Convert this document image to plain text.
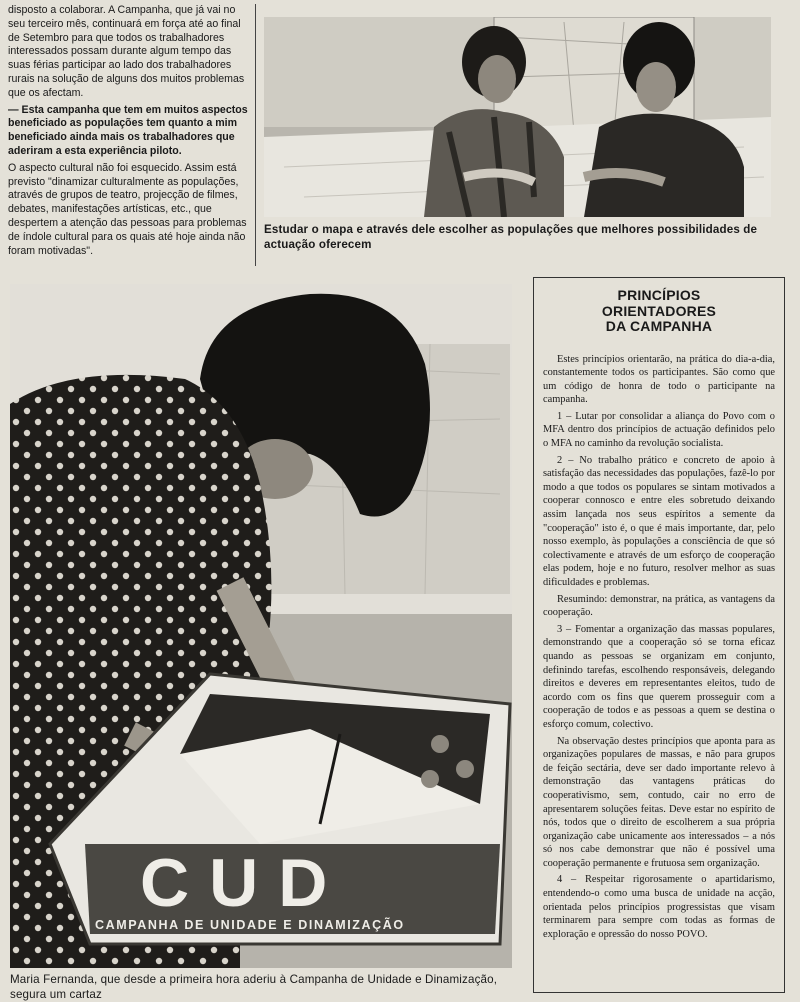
disposto a colaborar. A Campanha, que já vai no seu terceiro mês, continuará em força até ao final de Setembro para que todos os trabalhadores interessados possam durante algum tempo das suas férias participar ao lado dos trabalhadores rurais na solução de alguns dos muitos problemas que os afectam.

— Esta campanha que tem em muitos aspectos beneficiado as populações tem quanto a mim beneficiado ainda mais os trabalhadores que aderiram a esta experiência piloto.

O aspecto cultural não foi esquecido. Assim está previsto "dinamizar culturalmente as populações, através de grupos de teatro, projecção de filmes, debates, manifestações artísticas, etc., que despertem a atenção das pessoas para problemas de índole cultural para os quais até hoje ainda não foram motivadas".

Estudar o mapa e através dele escolher as populações que melhores possibilidades de actuação oferecem
CUD
CAMPANHA DE UNIDADE E DINAMIZAÇÃO
Maria Fernanda, que desde a primeira hora aderiu à Campanha de Unidade e Dinamização, segura um cartaz
PRINCÍPIOS
ORIENTADORES
DA CAMPANHA

Estes princípios orientarão, na prática do dia-a-dia, constantemente todos os participantes. São como que um código de honra de todo o participante na campanha.

1 – Lutar por consolidar a aliança do Povo com o MFA dentro dos princípios de actuação definidos pelo o MFA no caminho da revolução socialista.

2 – No trabalho prático e concreto de apoio à satisfação das necessidades das populações, fazê-lo por modo a que todos os populares se sintam motivados a cooperar connosco e entre eles sobretudo deixando assim lançada nos seus espíritos a semente da "cooperação" isto é, o que é mais importante, dar, pelo nosso exemplo, às populações a consciência de que só colectivamente e através de um esforço de cooperação elas podem, hoje e no futuro, resolver melhor as suas dificuldades e problemas.

Resumindo: demonstrar, na prática, as vantagens da cooperação.

3 – Fomentar a organização das massas populares, demonstrando que a cooperação só se torna eficaz quando as pessoas se organizam em conjunto, definindo tarefas, escolhendo responsáveis, delegando direitos e deveres em representantes eleitos, tudo de acordo com os fins que querem prosseguir com a cooperação de todos e as pessoas a quem se destina o esforço comum, colectivo.

Na observação destes princípios que aponta para as organizações populares de massas, e não para grupos de feição sectária, deve ser dado importante relevo à demonstração das vantagens práticas do cooperativismo, sem, contudo, cair no erro de apresentarem soluções feitas. Deve estar no espírito de nós, todos que o direito de escolherem a sua própria organização cabe unicamente aos interessados – a nós só nos cabe demonstrar que não é possível uma cooperação permanente e frutuosa sem organização.

4 – Respeitar rigorosamente o apartidarismo, entendendo-o como uma busca de unidade na acção, orientada pelos princípios progressistas que visam terminarem para sempre com todas as formas de exploração e opressão do nosso POVO.
